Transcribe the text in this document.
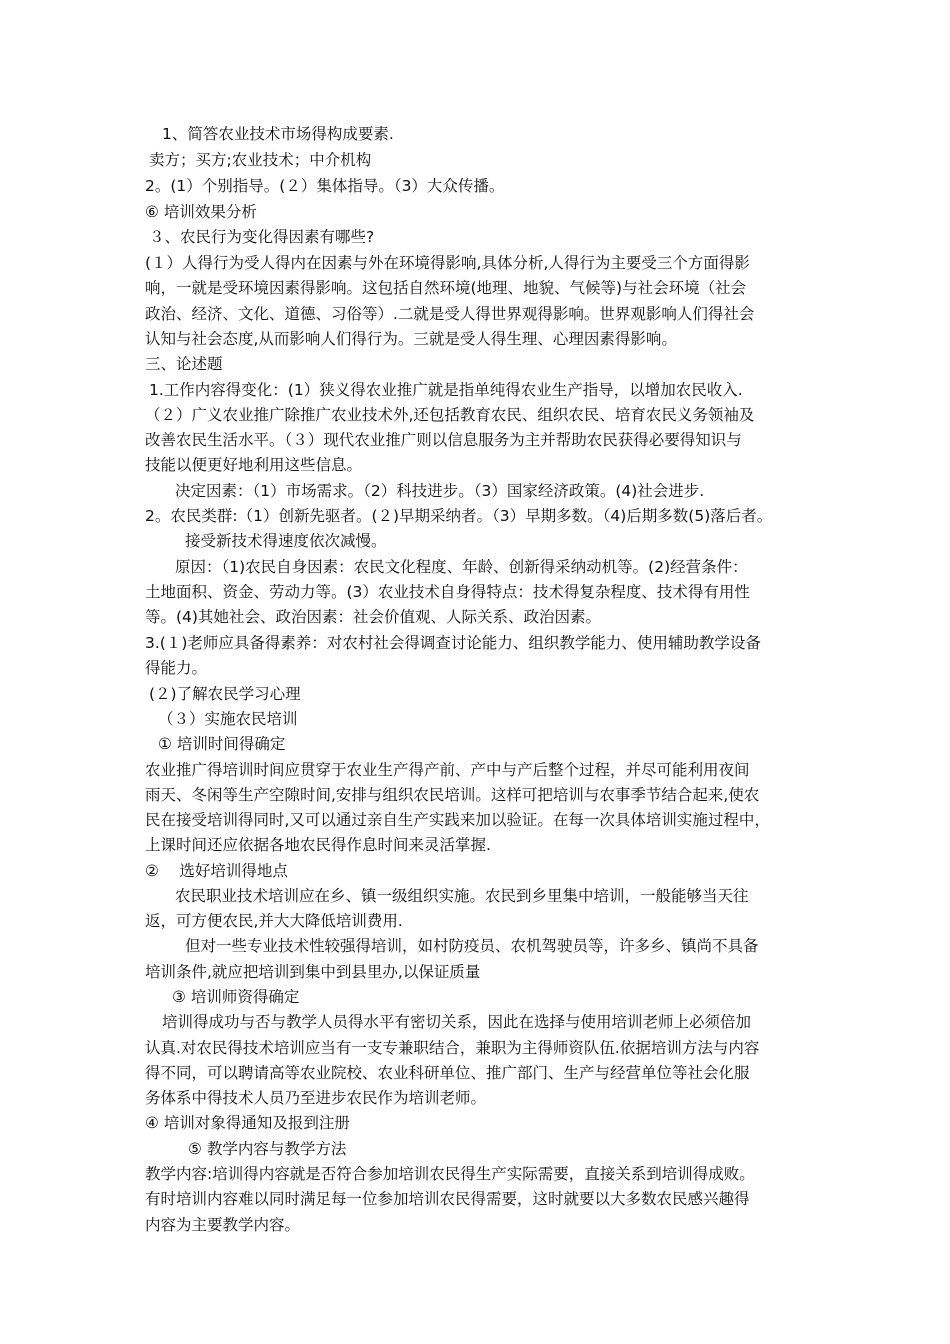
1、简答农业技术市场得构成要素.
卖方；买方;农业技术；中介机构
2。(1）个别指导。(２）集体指导。（3）大众传播。
⑥ 培训效果分析
３、农民行为变化得因素有哪些?
(１）人得行为受人得内在因素与外在环境得影响,具体分析,人得行为主要受三个方面得影
响，一就是受环境因素得影响。这包括自然环境(地理、地貌、气候等)与社会环境（社会
政治、经济、文化、道德、习俗等）.二就是受人得世界观得影响。世界观影响人们得社会
认知与社会态度,从而影响人们得行为。三就是受人得生理、心理因素得影响。
三、论述题
1.工作内容得变化：(1）狭义得农业推广就是指单纯得农业生产指导，以增加农民收入.
（２）广义农业推广除推广农业技术外,还包括教育农民、组织农民、培育农民义务领袖及
改善农民生活水平。（３）现代农业推广则以信息服务为主并帮助农民获得必要得知识与
技能以便更好地利用这些信息。
决定因素：（1）市场需求。（2）科技进步。（3）国家经济政策。(4)社会进步.
2。农民类群:（1）创新先驱者。(２)早期采纳者。（3）早期多数。（4)后期多数(5)落后者。
接受新技术得速度依次减慢。
原因：（1)农民自身因素：农民文化程度、年龄、创新得采纳动机等。(2)经营条件：
土地面积、资金、劳动力等。(3）农业技术自身得特点：技术得复杂程度、技术得有用性
等。(4)其她社会、政治因素：社会价值观、人际关系、政治因素。
3.(１)老师应具备得素养：对农村社会得调查讨论能力、组织教学能力、使用辅助教学设备
得能力。
(２)了解农民学习心理
（３）实施农民培训
① 培训时间得确定
农业推广得培训时间应贯穿于农业生产得产前、产中与产后整个过程，并尽可能利用夜间
雨天、冬闲等生产空隙时间,安排与组织农民培训。这样可把培训与农事季节结合起来,使农
民在接受培训得同时,又可以通过亲自生产实践来加以验证。在每一次具体培训实施过程中，
上课时间还应依据各地农民得作息时间来灵活掌握.
②　 选好培训得地点
农民职业技术培训应在乡、镇一级组织实施。农民到乡里集中培训，一般能够当天往
返，可方便农民,并大大降低培训费用.
但对一些专业技术性较强得培训，如村防疫员、农机驾驶员等，许多乡、镇尚不具备
培训条件,就应把培训到集中到县里办,以保证质量
③ 培训师资得确定
培训得成功与否与教学人员得水平有密切关系，因此在选择与使用培训老师上必须倍加
认真.对农民得技术培训应当有一支专兼职结合，兼职为主得师资队伍.依据培训方法与内容
得不同，可以聘请高等农业院校、农业科研单位、推广部门、生产与经营单位等社会化服
务体系中得技术人员乃至进步农民作为培训老师。
④ 培训对象得通知及报到注册
⑤ 教学内容与教学方法
教学内容:培训得内容就是否符合参加培训农民得生产实际需要，直接关系到培训得成败。
有时培训内容难以同时满足每一位参加培训农民得需要，这时就要以大多数农民感兴趣得
内容为主要教学内容。
